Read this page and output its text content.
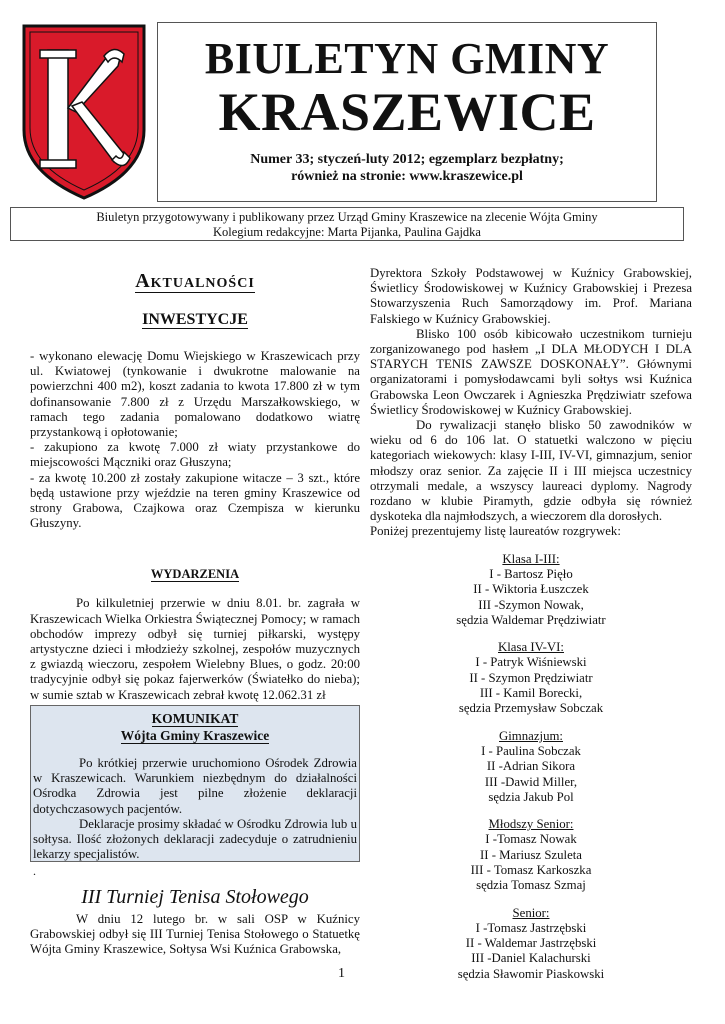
BIULETYN GMINY
KRASZEWICE
Numer 33; styczeń-luty 2012; egzemplarz bezpłatny;
również na stronie: www.kraszewice.pl
Biuletyn przygotowywany i publikowany przez Urząd Gminy Kraszewice na zlecenie Wójta Gminy
Kolegium redakcyjne: Marta Pijanka, Paulina Gajdka

Aktualności

INWESTYCJE

- wykonano elewację Domu Wiejskiego w Kraszewicach przy ul. Kwiatowej (tynkowanie i dwukrotne malowanie na powierzchni 400 m2), koszt zadania to kwota 17.800 zł w tym dofinansowanie 7.800 zł z Urzędu Marszałkowskiego, w ramach tego zadania pomalowano dodatkowo wiatrę przystankową i opłotowanie;
- zakupiono za kwotę 7.000 zł wiaty przystankowe do miejscowości Mączniki oraz Głuszyna;
- za kwotę 10.200 zł zostały zakupione witacze – 3 szt., które będą ustawione przy wjeździe na teren gminy Kraszewice od strony Grabowa, Czajkowa oraz Czempisza w kierunku Głuszyny.

WYDARZENIA

Po kilkuletniej przerwie w dniu 8.01. br. zagrała w Kraszewicach Wielka Orkiestra Świątecznej Pomocy; w ramach obchodów imprezy odbył się turniej piłkarski, występy artystyczne dzieci i młodzieży szkolnej, zespołów muzycznych z gwiazdą wieczoru, zespołem Wielebny Blues, o godz. 20:00 tradycyjnie odbył się pokaz fajerwerków (Światełko do nieba); w sumie sztab w Kraszewicach zebrał kwotę 12.062.31 zł

KOMUNIKAT
Wójta Gminy Kraszewice

Po krótkiej przerwie uruchomiono Ośrodek Zdrowia w Kraszewicach. Warunkiem niezbędnym do działalności Ośrodka Zdrowia jest pilne złożenie deklaracji dotychczasowych pacjentów.

Deklaracje prosimy składać w Ośrodku Zdrowia lub u sołtysa. Ilość złożonych deklaracji zadecyduje o zatrudnieniu lekarzy specjalistów.

.
III Turniej Tenisa Stołowego

W dniu 12 lutego br. w sali OSP w Kuźnicy Grabowskiej odbył się III Turniej Tenisa Stołowego o Statuetkę Wójta Gminy Kraszewice, Sołtysa Wsi Kuźnica Grabowska,

Dyrektora Szkoły Podstawowej w Kuźnicy Grabowskiej, Świetlicy Środowiskowej w Kuźnicy Grabowskiej i Prezesa Stowarzyszenia Ruch Samorządowy im. Prof. Mariana Falskiego w Kuźnicy Grabowskiej.

Blisko 100 osób kibicowało uczestnikom turnieju zorganizowanego pod hasłem „I DLA MŁODYCH I DLA STARYCH TENIS ZAWSZE DOSKONAŁY”. Głównymi organizatorami i pomysłodawcami byli sołtys wsi Kuźnica Grabowska Leon Owczarek i Agnieszka Prędziwiatr szefowa Świetlicy Środowiskowej w Kuźnicy Grabowskiej.

Do rywalizacji stanęło blisko 50 zawodników w wieku od 6 do 106 lat. O statuetki walczono w pięciu kategoriach wiekowych: klasy I-III, IV-VI, gimnazjum, senior młodszy oraz senior. Za zajęcie II i III miejsca uczestnicy otrzymali medale, a wszyscy laureaci dyplomy. Nagrody rozdano w klubie Piramyth, gdzie odbyła się również dyskoteka dla najmłodszych, a wieczorem dla dorosłych.

Poniżej prezentujemy listę laureatów rozgrywek:

Klasa I-III:
I - Bartosz Pięło
II - Wiktoria Łuszczek
III -Szymon Nowak,
sędzia Waldemar Prędziwiatr
Klasa IV-VI:
I - Patryk Wiśniewski
II - Szymon Prędziwiatr
III - Kamil Borecki,
sędzia Przemysław Sobczak
Gimnazjum:
I - Paulina Sobczak
II -Adrian Sikora
III -Dawid Miller,
sędzia Jakub Pol
Młodszy Senior:
I -Tomasz Nowak
II - Mariusz Szuleta
III - Tomasz Karkoszka
sędzia Tomasz Szmaj
Senior:
I -Tomasz Jastrzębski
II - Waldemar Jastrzębski
III -Daniel Kalachurski
sędzia Sławomir Piaskowski
1
